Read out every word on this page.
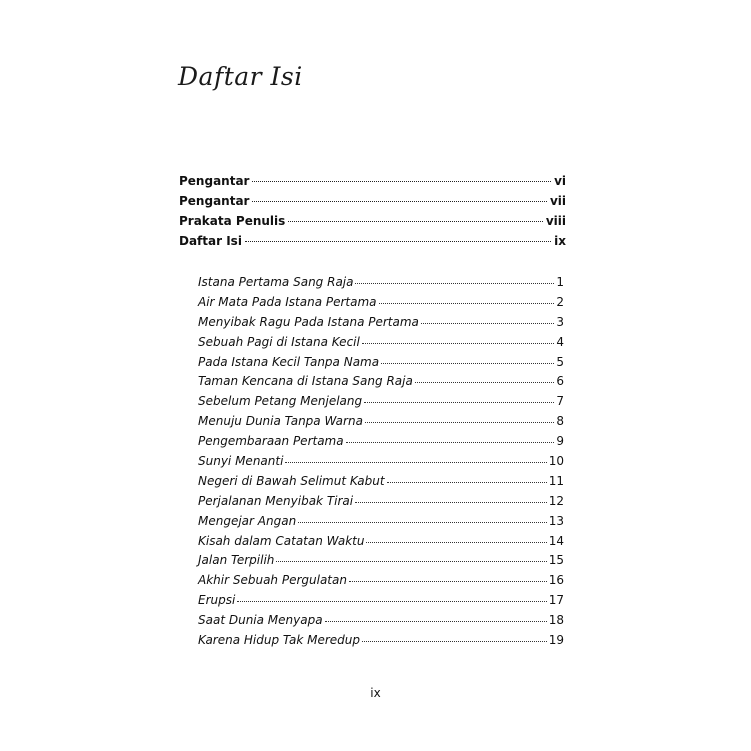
Daftar Isi
Pengantar	vi
Pengantar	vii
Prakata Penulis	viii
Daftar Isi	ix
Istana Pertama Sang Raja	1
Air Mata Pada Istana Pertama	2
Menyibak Ragu Pada Istana Pertama	3
Sebuah Pagi di Istana Kecil	4
Pada Istana Kecil Tanpa Nama	5
Taman Kencana di Istana Sang Raja	6
Sebelum Petang Menjelang	7
Menuju Dunia Tanpa Warna	8
Pengembaraan Pertama	9
Sunyi Menanti	10
Negeri di Bawah Selimut Kabut	11
Perjalanan Menyibak Tirai	12
Mengejar Angan	13
Kisah dalam Catatan Waktu	14
Jalan Terpilih	15
Akhir Sebuah Pergulatan	16
Erupsi	17
Saat Dunia Menyapa	18
Karena Hidup Tak Meredup	19
ix
